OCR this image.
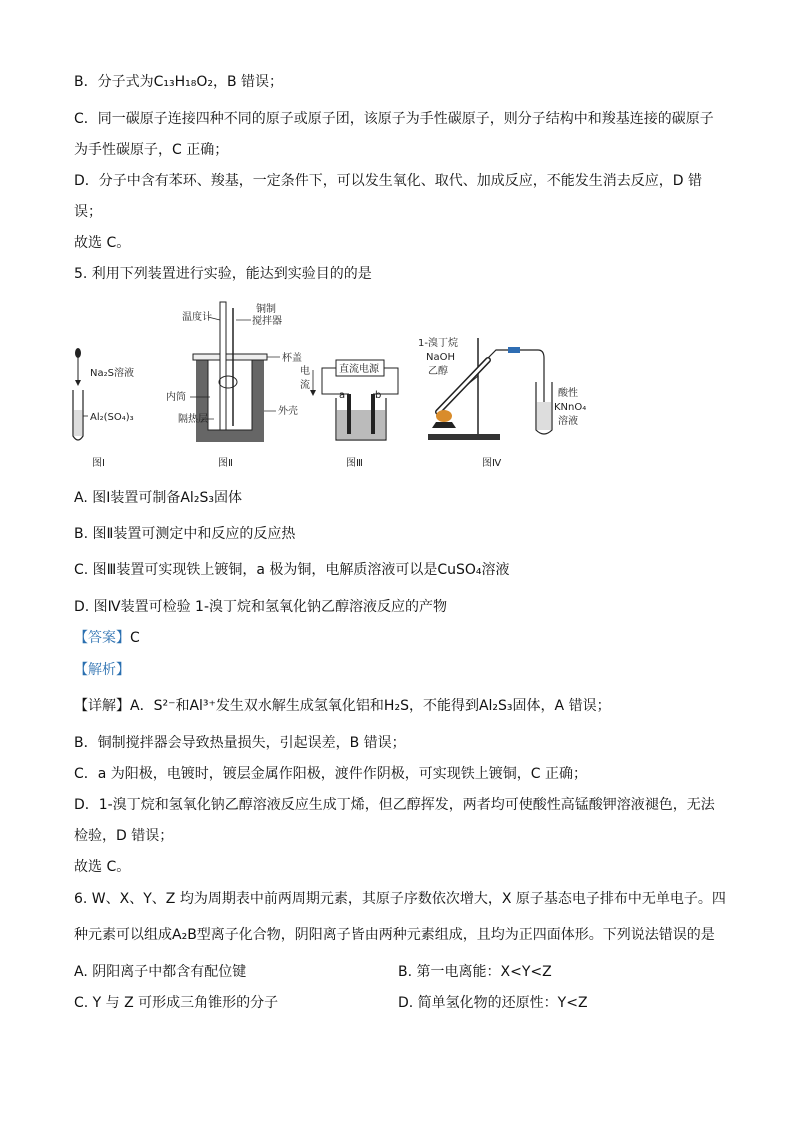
B．分子式为C₁₃H₁₈O₂，B 错误；
C．同一碳原子连接四种不同的原子或原子团，该原子为手性碳原子，则分子结构中和羧基连接的碳原子
为手性碳原子，C 正确；
D．分子中含有苯环、羧基，一定条件下，可以发生氧化、取代、加成反应，不能发生消去反应，D 错
误；
故选 C。
5. 利用下列装置进行实验，能达到实验目的的是
Na₂S溶液
Al₂(SO₄)₃
图Ⅰ
温度计
铜制
搅拌器
杯盖
内筒
隔热层
外壳
图Ⅱ
直流电源
电
流
a	b
图Ⅲ
1-溴丁烷
NaOH
乙醇
酸性
KNnO₄
溶液
图Ⅳ
A. 图Ⅰ装置可制备Al₂S₃固体
B. 图Ⅱ装置可测定中和反应的反应热
C. 图Ⅲ装置可实现铁上镀铜，a 极为铜，电解质溶液可以是CuSO₄溶液
D. 图Ⅳ装置可检验 1-溴丁烷和氢氧化钠乙醇溶液反应的产物
【答案】C
【解析】
【详解】A．S²⁻和Al³⁺发生双水解生成氢氧化铝和H₂S，不能得到Al₂S₃固体，A 错误；
B．铜制搅拌器会导致热量损失，引起误差，B 错误；
C．a 为阳极，电镀时，镀层金属作阳极，渡件作阴极，可实现铁上镀铜，C 正确；
D．1-溴丁烷和氢氧化钠乙醇溶液反应生成丁烯，但乙醇挥发，两者均可使酸性高锰酸钾溶液褪色，无法
检验，D 错误；
故选 C。
6. W、X、Y、Z 均为周期表中前两周期元素，其原子序数依次增大，X 原子基态电子排布中无单电子。四
种元素可以组成A₂B型离子化合物，阴阳离子皆由两种元素组成，且均为正四面体形。下列说法错误的是
A. 阴阳离子中都含有配位键	B. 第一电离能：X<Y<Z
C. Y 与 Z 可形成三角锥形的分子	D. 简单氢化物的还原性：Y<Z
